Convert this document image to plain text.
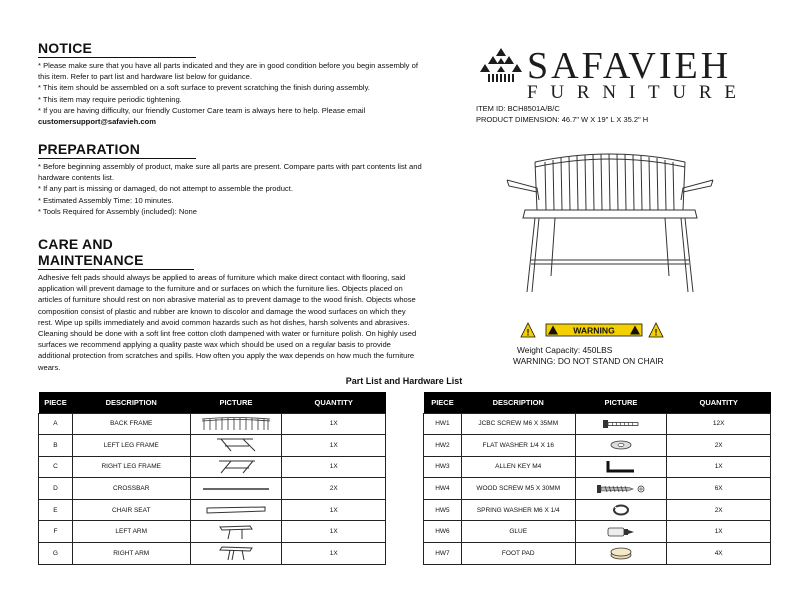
NOTICE
* Please make sure that you have all parts indicated and they are in good condition before you begin assembly of
this item. Refer to part list and hardware list below for guidance.
* This item should be assembled on a soft surface to prevent scratching the finish during assembly.
* This item may require periodic tightening.
* If you are having difficulty, our friendly Customer Care team is always here to help. Please email
customersupport@safavieh.com
PREPARATION
* Before beginning assembly of product, make sure all parts are present. Compare parts with part contents list and
hardware contents list.
* If any part is missing or damaged, do not attempt to assemble the product.
* Estimated Assembly Time: 10 minutes.
* Tools Required for Assembly (included): None
CARE AND MAINTENANCE
Adhesive felt pads should always be applied to areas of furniture which make direct contact with flooring, said
application will prevent damage to the furniture and or surfaces on which the furniture lies. Objects placed on
articles of furniture should rest on non abrasive material as to prevent damage to the wood finish. Objects whose
composition consist of plastic and rubber are known to discolor and damage the wood surfaces on which they
rest. Wipe up spills immediately and avoid common hazards such as hot dishes, harsh solvents and abrasives.
Cleaning should be done with a soft lint free cotton cloth dampened with water or furniture polish. On highly used
surfaces we recommend applying a quality paste wax which should be used on a regular basis to provide
additional protection from scratches and spills. How often you apply the wax depends on how much the furniture
wears.
SAFAVIEH
FURNITURE
ITEM ID: BCH8501A/B/C
PRODUCT DIMENSION: 46.7" W X 19" L X 35.2" H
!	WARNING	!
Weight Capacity: 450LBS
WARNING: DO NOT STAND ON CHAIR
Part List and Hardware List
PIECE	DESCRIPTION	PICTURE	QUANTITY
A	BACK FRAME		1X
B	LEFT LEG FRAME		1X
C	RIGHT LEG FRAME		1X
D	CROSSBAR		2X
E	CHAIR SEAT		1X
F	LEFT ARM		1X
G	RIGHT ARM		1X
PIECE	DESCRIPTION	PICTURE	QUANTITY
HW1	JCBC SCREW M6 X 35MM		12X
HW2	FLAT WASHER 1/4 X 16		2X
HW3	ALLEN KEY M4		1X
HW4	WOOD SCREW M5 X 30MM		6X
HW5	SPRING WASHER M6 X 1/4		2X
HW6	GLUE		1X
HW7	FOOT PAD		4X
